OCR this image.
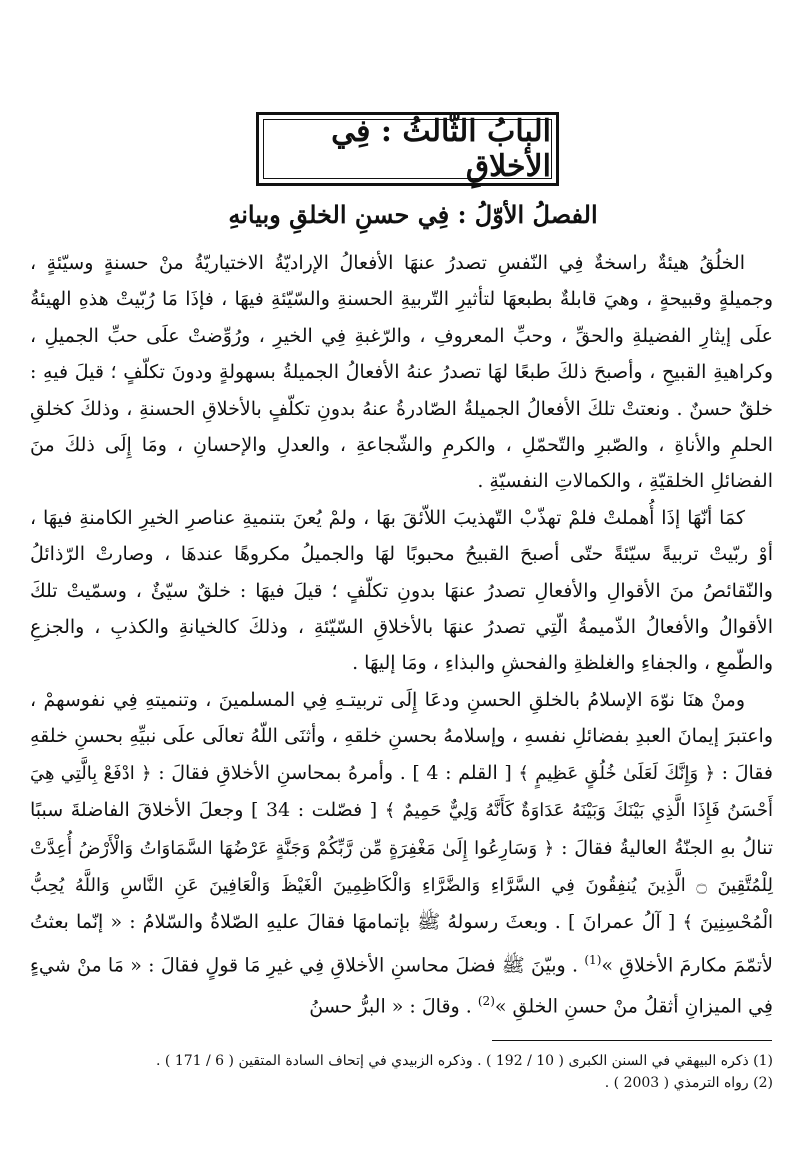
البابُ الثّالثُ : فِي الأخلاقِ
الفصلُ الأوّلُ : فِي حسنِ الخلقِ وبيانهِ

الخلُقُ هيئةٌ راسخةٌ فِي النّفسِ تصدرُ عنهَا الأفعالُ الإراديّةُ الاختياريّةُ منْ حسنةٍ وسيّئةٍ ، وجميلةٍ وقبيحةٍ ، وهيَ قابلةٌ بطبعهَا لتأثيرِ التّربيةِ الحسنةِ والسّيّئةِ فيهَا ، فإذَا مَا رُبّيتْ هذهِ الهيئةُ علَى إيثارِ الفضيلةِ والحقِّ ، وحبِّ المعروفِ ، والرّغبةِ فِي الخيرِ ، ورُوِّضتْ علَى حبِّ الجميلِ ، وكراهيةِ القبيحِ ، وأصبحَ ذلكَ طبعًا لهَا تصدرُ عنهُ الأفعالُ الجميلةُ بسهولةٍ ودونَ تكلّفٍ ؛ قيلَ فيهِ : خلقٌ حسنٌ . ونعتتْ تلكَ الأفعالُ الجميلةُ الصّادرةُ عنهُ بدونِ تكلّفٍ بالأخلاقِ الحسنةِ ، وذلكَ كخلقِ الحلمِ والأناةِ ، والصّبرِ والتّحمّلِ ، والكرمِ والشّجاعةِ ، والعدلِ والإحسانِ ، ومَا إِلَى ذلكَ منَ الفضائلِ الخلقيّةِ ، والكمالاتِ النفسيّةِ .

كمَا أنّهَا إذَا أُهملتْ فلمْ تهذّبْ التّهذيبَ اللاّئقَ بهَا ، ولمْ يُعنَ بتنميةِ عناصرِ الخيرِ الكامنةِ فيهَا ، أوْ ربّيتْ تربيةً سيّئةً حتّى أصبحَ القبيحُ محبوبًا لهَا والجميلُ مكروهًا عندهَا ، وصارتْ الرّذائلُ والنّقائصُ منَ الأقوالِ والأفعالِ تصدرُ عنهَا بدونِ تكلّفٍ ؛ قيلَ فيهَا : خلقٌ سيّئٌ ، وسمّيتْ تلكَ الأقوالُ والأفعالُ الذّميمةُ الّتِي تصدرُ عنهَا بالأخلاقِ السّيّئةِ ، وذلكَ كالخيانةِ والكذبِ ، والجزعِ والطّمعِ ، والجفاءِ والغلظةِ والفحشِ والبذاءِ ، ومَا إليهَا .

ومنْ هنَا نوّهَ الإسلامُ بالخلقِ الحسنِ ودعَا إِلَى تربيتـهِ فِي المسلمينَ ، وتنميتهِ فِي نفوسهمْ ، واعتبرَ إيمانَ العبدِ بفضائلِ نفسهِ ، وإسلامهُ بحسنِ خلقهِ ، وأثنَى اللّهُ تعالَى علَى نبيِّهِ بحسنِ خلقهِ فقالَ : ﴿ وَإِنَّكَ لَعَلَىٰ خُلُقٍ عَظِيمٍ ﴾ [ القلم : 4 ] . وأمرهُ بمحاسنِ الأخلاقِ فقالَ : ﴿ ادْفَعْ بِالَّتِي هِيَ أَحْسَنُ فَإِذَا الَّذِي بَيْنَكَ وَبَيْنَهُ عَدَاوَةٌ كَأَنَّهُ وَلِيٌّ حَمِيمٌ ﴾ [ فصّلت : 34 ] وجعلَ الأخلاقَ الفاضلةَ سببًا تنالُ بهِ الجنّةُ العاليةُ فقالَ : ﴿ وَسَارِعُوا إِلَىٰ مَغْفِرَةٍ مِّن رَّبِّكُمْ وَجَنَّةٍ عَرْضُهَا السَّمَاوَاتُ وَالْأَرْضُ أُعِدَّتْ لِلْمُتَّقِينَ ۝ الَّذِينَ يُنفِقُونَ فِي السَّرَّاءِ وَالضَّرَّاءِ وَالْكَاظِمِينَ الْغَيْظَ وَالْعَافِينَ عَنِ النَّاسِ وَاللَّهُ يُحِبُّ الْمُحْسِنِينَ ﴾ [ آلُ عمرانَ ] . وبعثَ رسولهُ ﷺ بإتمامهَا فقالَ عليهِ الصّلاةُ والسّلامُ : « إنّما بعثتُ لأتمّمَ مكارمَ الأخلاقِ »$^{(1)}$ . وبيّنَ ﷺ فضلَ محاسنِ الأخلاقِ فِي غيرِ مَا قولٍ فقالَ : « مَا منْ شيءٍ فِي الميزانِ أثقلُ منْ حسنِ الخلقِ »$^{(2)}$ . وقالَ : « البرُّ حسنُ

(1) ذكره البيهقي في السنن الكبرى ( 10 / 192 ) . وذكره الزبيدي في إتحاف السادة المتقين ( 6 / 171 ) .

(2) رواه الترمذي ( 2003 ) .
